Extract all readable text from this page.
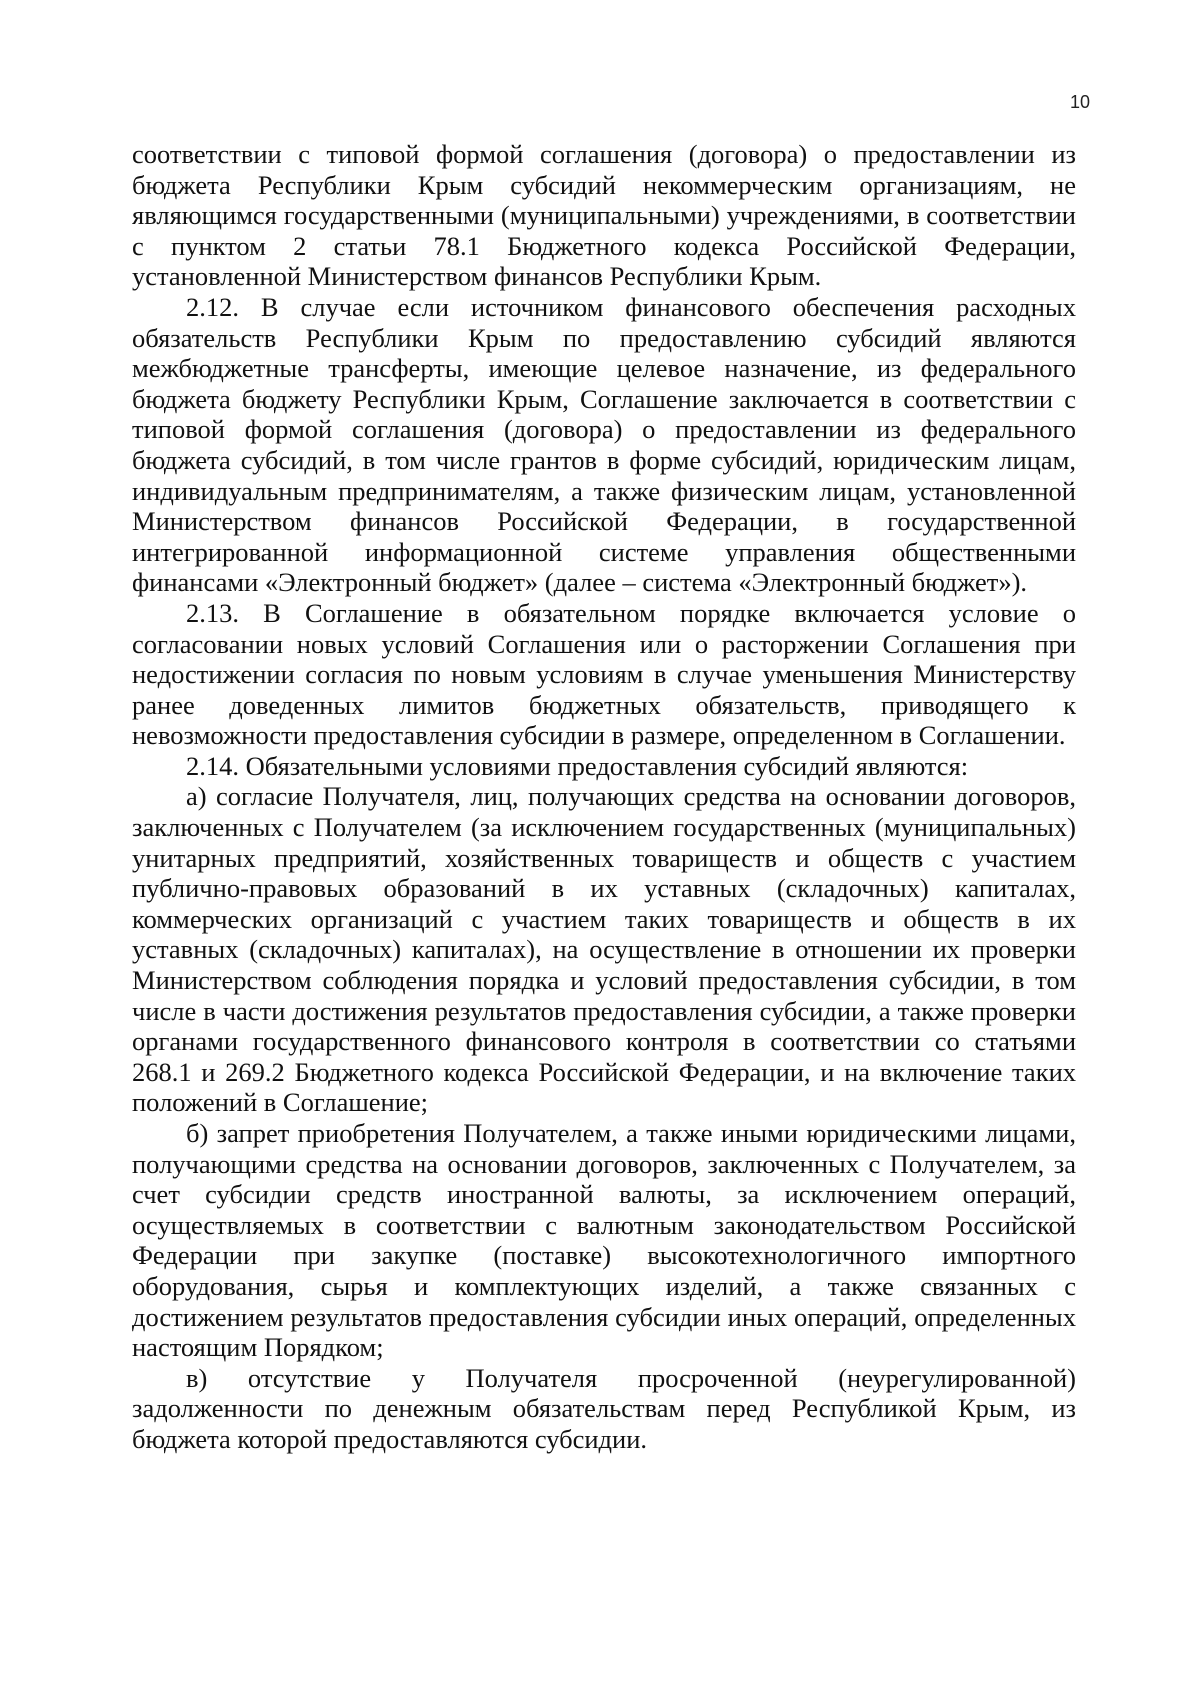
10

соответствии с типовой формой соглашения (договора) о предоставлении из бюджета Республики Крым субсидий некоммерческим организациям, не являющимся государственными (муниципальными) учреждениями, в соответствии с пунктом 2 статьи 78.1 Бюджетного кодекса Российской Федерации, установленной Министерством финансов Республики Крым.

2.12. В случае если источником финансового обеспечения расходных обязательств Республики Крым по предоставлению субсидий являются межбюджетные трансферты, имеющие целевое назначение, из федерального бюджета бюджету Республики Крым, Соглашение заключается в соответствии с типовой формой соглашения (договора) о предоставлении из федерального бюджета субсидий, в том числе грантов в форме субсидий, юридическим лицам, индивидуальным предпринимателям, а также физическим лицам, установленной Министерством финансов Российской Федерации, в государственной интегрированной информационной системе управления общественными финансами «Электронный бюджет» (далее – система «Электронный бюджет»).

2.13. В Соглашение в обязательном порядке включается условие о согласовании новых условий Соглашения или о расторжении Соглашения при недостижении согласия по новым условиям в случае уменьшения Министерству ранее доведенных лимитов бюджетных обязательств, приводящего к невозможности предоставления субсидии в размере, определенном в Соглашении.

2.14. Обязательными условиями предоставления субсидий являются:

а) согласие Получателя, лиц, получающих средства на основании договоров, заключенных с Получателем (за исключением государственных (муниципальных) унитарных предприятий, хозяйственных товариществ и обществ с участием публично-правовых образований в их уставных (складочных) капиталах, коммерческих организаций с участием таких товариществ и обществ в их уставных (складочных) капиталах), на осуществление в отношении их проверки Министерством соблюдения порядка и условий предоставления субсидии, в том числе в части достижения результатов предоставления субсидии, а также проверки органами государственного финансового контроля в соответствии со статьями 268.1 и 269.2 Бюджетного кодекса Российской Федерации, и на включение таких положений в Соглашение;

б) запрет приобретения Получателем, а также иными юридическими лицами, получающими средства на основании договоров, заключенных с Получателем, за счет субсидии средств иностранной валюты, за исключением операций, осуществляемых в соответствии с валютным законодательством Российской Федерации при закупке (поставке) высокотехнологичного импортного оборудования, сырья и комплектующих изделий, а также связанных с достижением результатов предоставления субсидии иных операций, определенных настоящим Порядком;

в) отсутствие у Получателя просроченной (неурегулированной) задолженности по денежным обязательствам перед Республикой Крым, из бюджета которой предоставляются субсидии.
